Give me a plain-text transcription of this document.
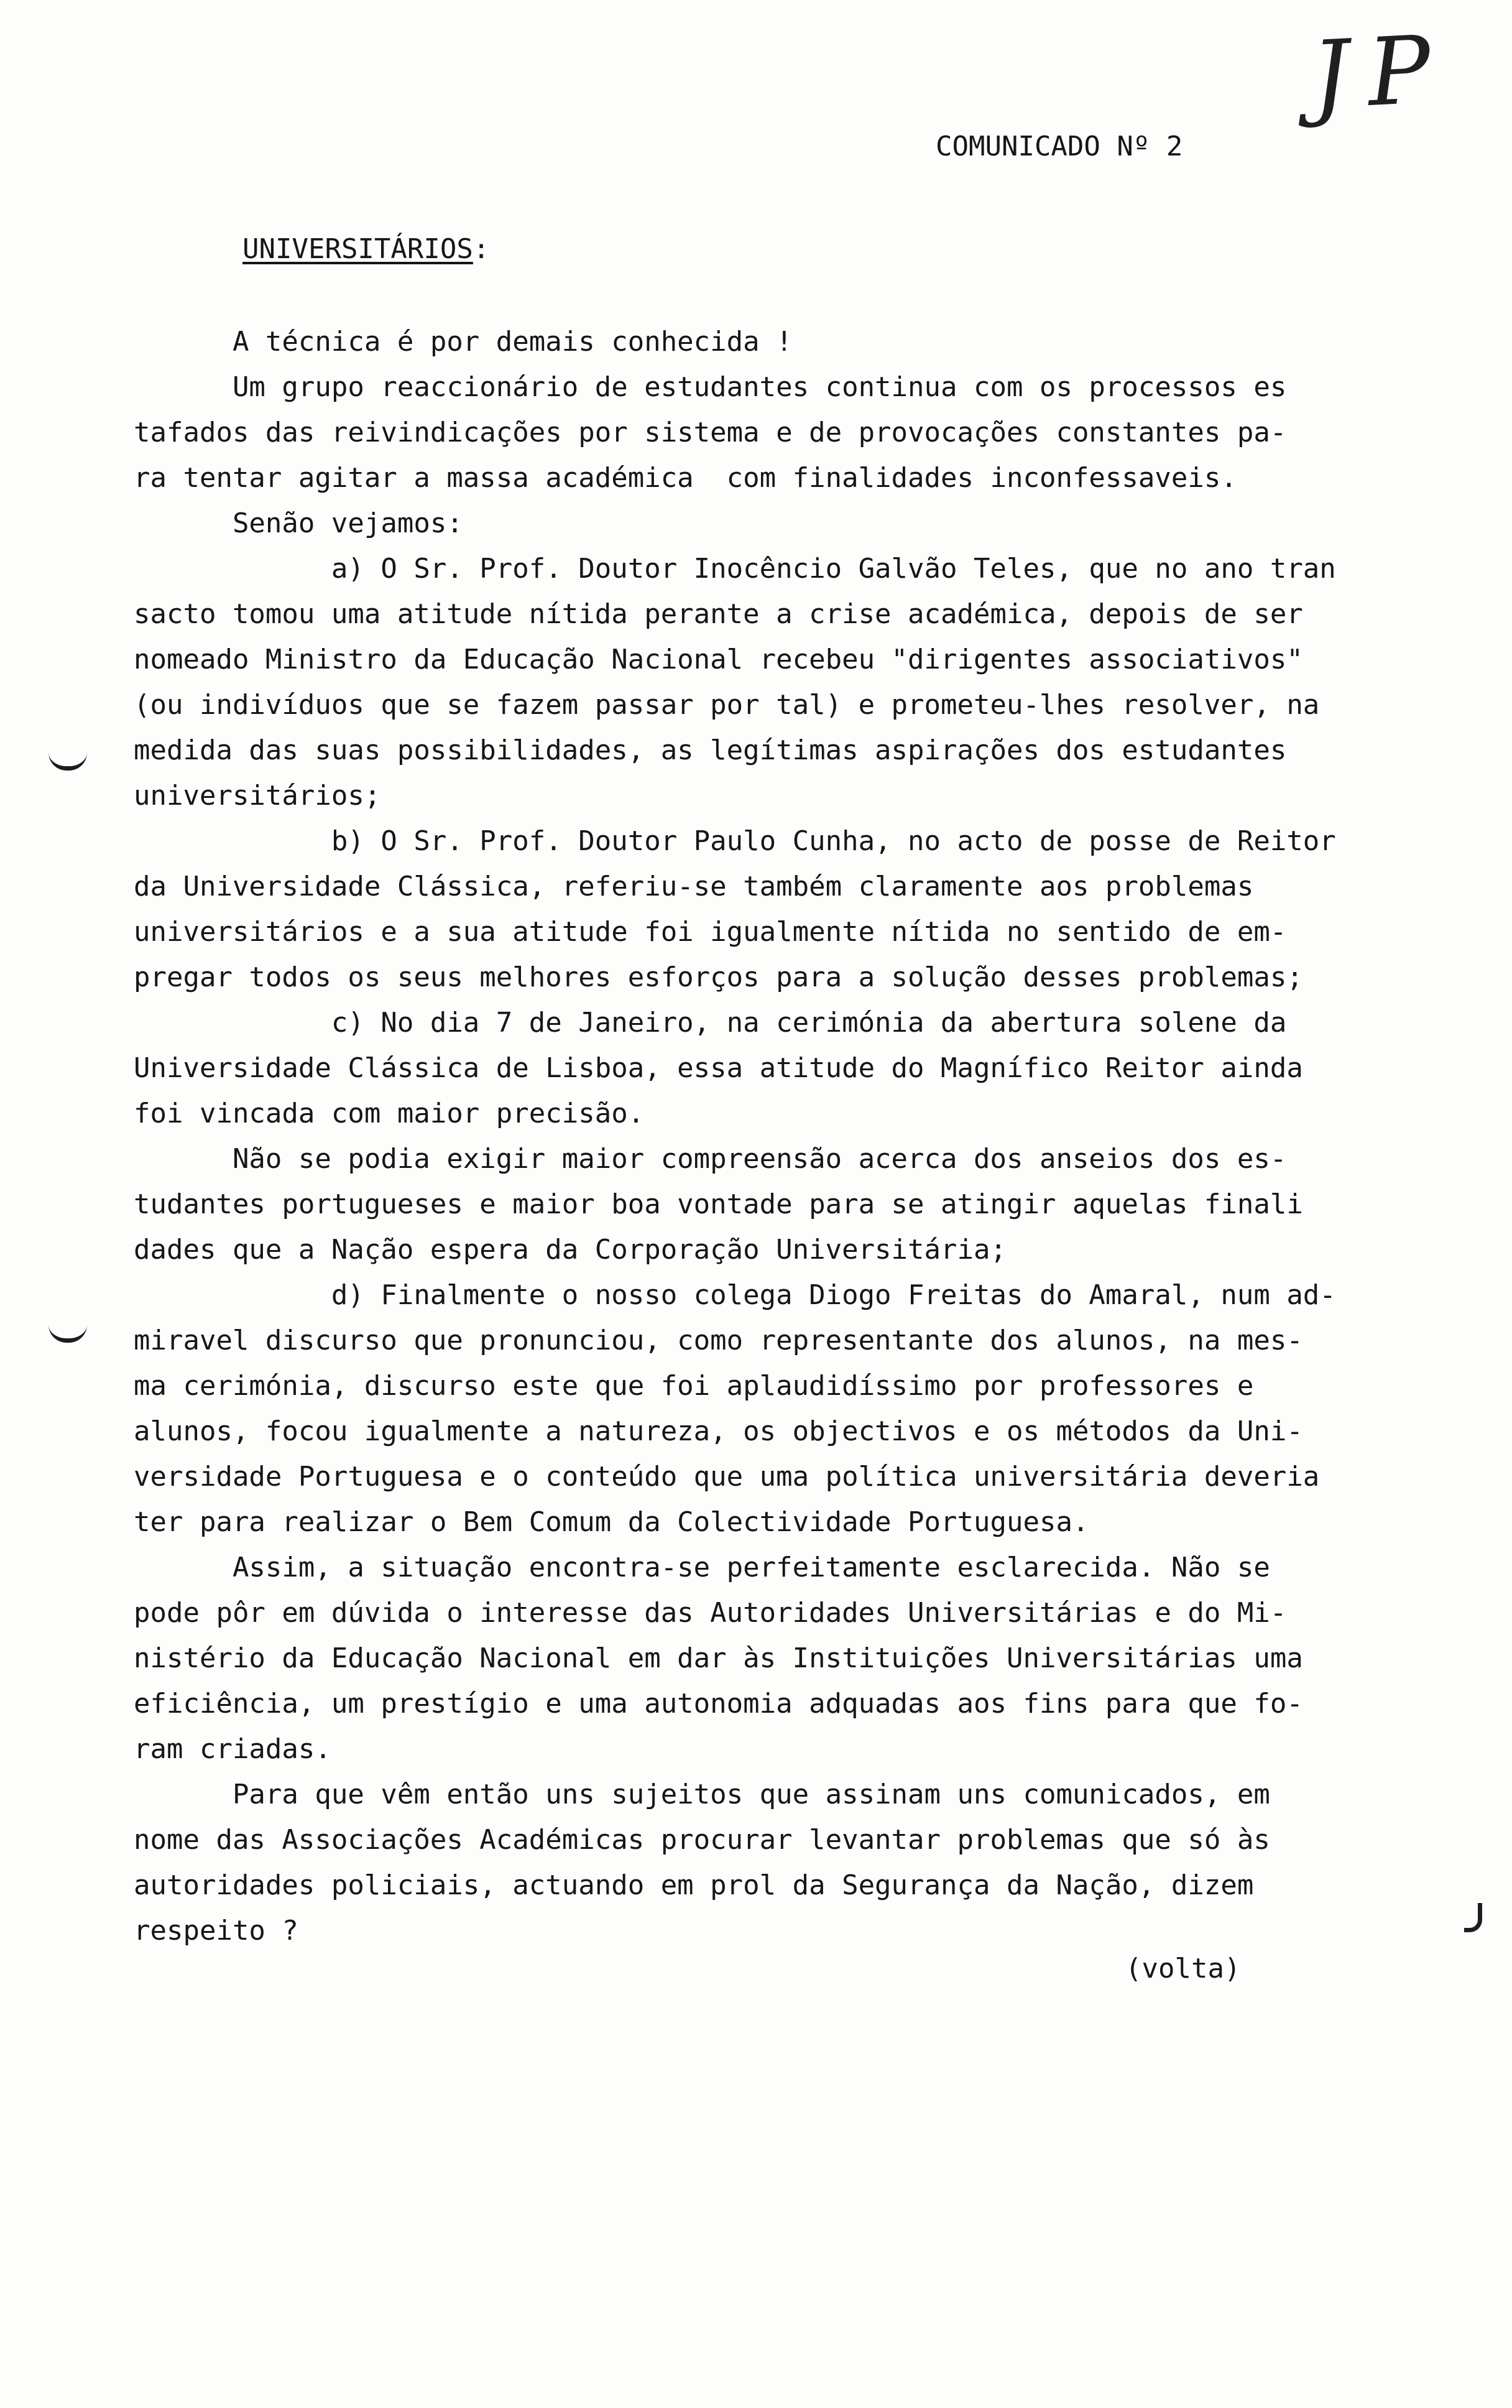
JP
COMUNICADO Nº 2
UNIVERSITÁRIOS:
A técnica é por demais conhecida !
Um grupo reaccionário de estudantes continua com os processos es
tafados das reivindicações por sistema e de provocações constantes pa-
ra tentar agitar a massa académica  com finalidades inconfessaveis.
Senão vejamos:
a) O Sr. Prof. Doutor Inocêncio Galvão Teles, que no ano tran
sacto tomou uma atitude nítida perante a crise académica, depois de ser
nomeado Ministro da Educação Nacional recebeu "dirigentes associativos"
(ou indivíduos que se fazem passar por tal) e prometeu-lhes resolver, na
medida das suas possibilidades, as legítimas aspirações dos estudantes
universitários;
b) O Sr. Prof. Doutor Paulo Cunha, no acto de posse de Reitor
da Universidade Clássica, referiu-se também claramente aos problemas
universitários e a sua atitude foi igualmente nítida no sentido de em-
pregar todos os seus melhores esforços para a solução desses problemas;
c) No dia 7 de Janeiro, na cerimónia da abertura solene da
Universidade Clássica de Lisboa, essa atitude do Magnífico Reitor ainda
foi vincada com maior precisão.
Não se podia exigir maior compreensão acerca dos anseios dos es-
tudantes portugueses e maior boa vontade para se atingir aquelas finali
dades que a Nação espera da Corporação Universitária;
d) Finalmente o nosso colega Diogo Freitas do Amaral, num ad-
miravel discurso que pronunciou, como representante dos alunos, na mes-
ma cerimónia, discurso este que foi aplaudidíssimo por professores e
alunos, focou igualmente a natureza, os objectivos e os métodos da Uni-
versidade Portuguesa e o conteúdo que uma política universitária deveria
ter para realizar o Bem Comum da Colectividade Portuguesa.
Assim, a situação encontra-se perfeitamente esclarecida. Não se
pode pôr em dúvida o interesse das Autoridades Universitárias e do Mi-
nistério da Educação Nacional em dar às Instituições Universitárias uma
eficiência, um prestígio e uma autonomia adquadas aos fins para que fo-
ram criadas.
Para que vêm então uns sujeitos que assinam uns comunicados, em
nome das Associações Académicas procurar levantar problemas que só às
autoridades policiais, actuando em prol da Segurança da Nação, dizem
respeito ?
(volta)
